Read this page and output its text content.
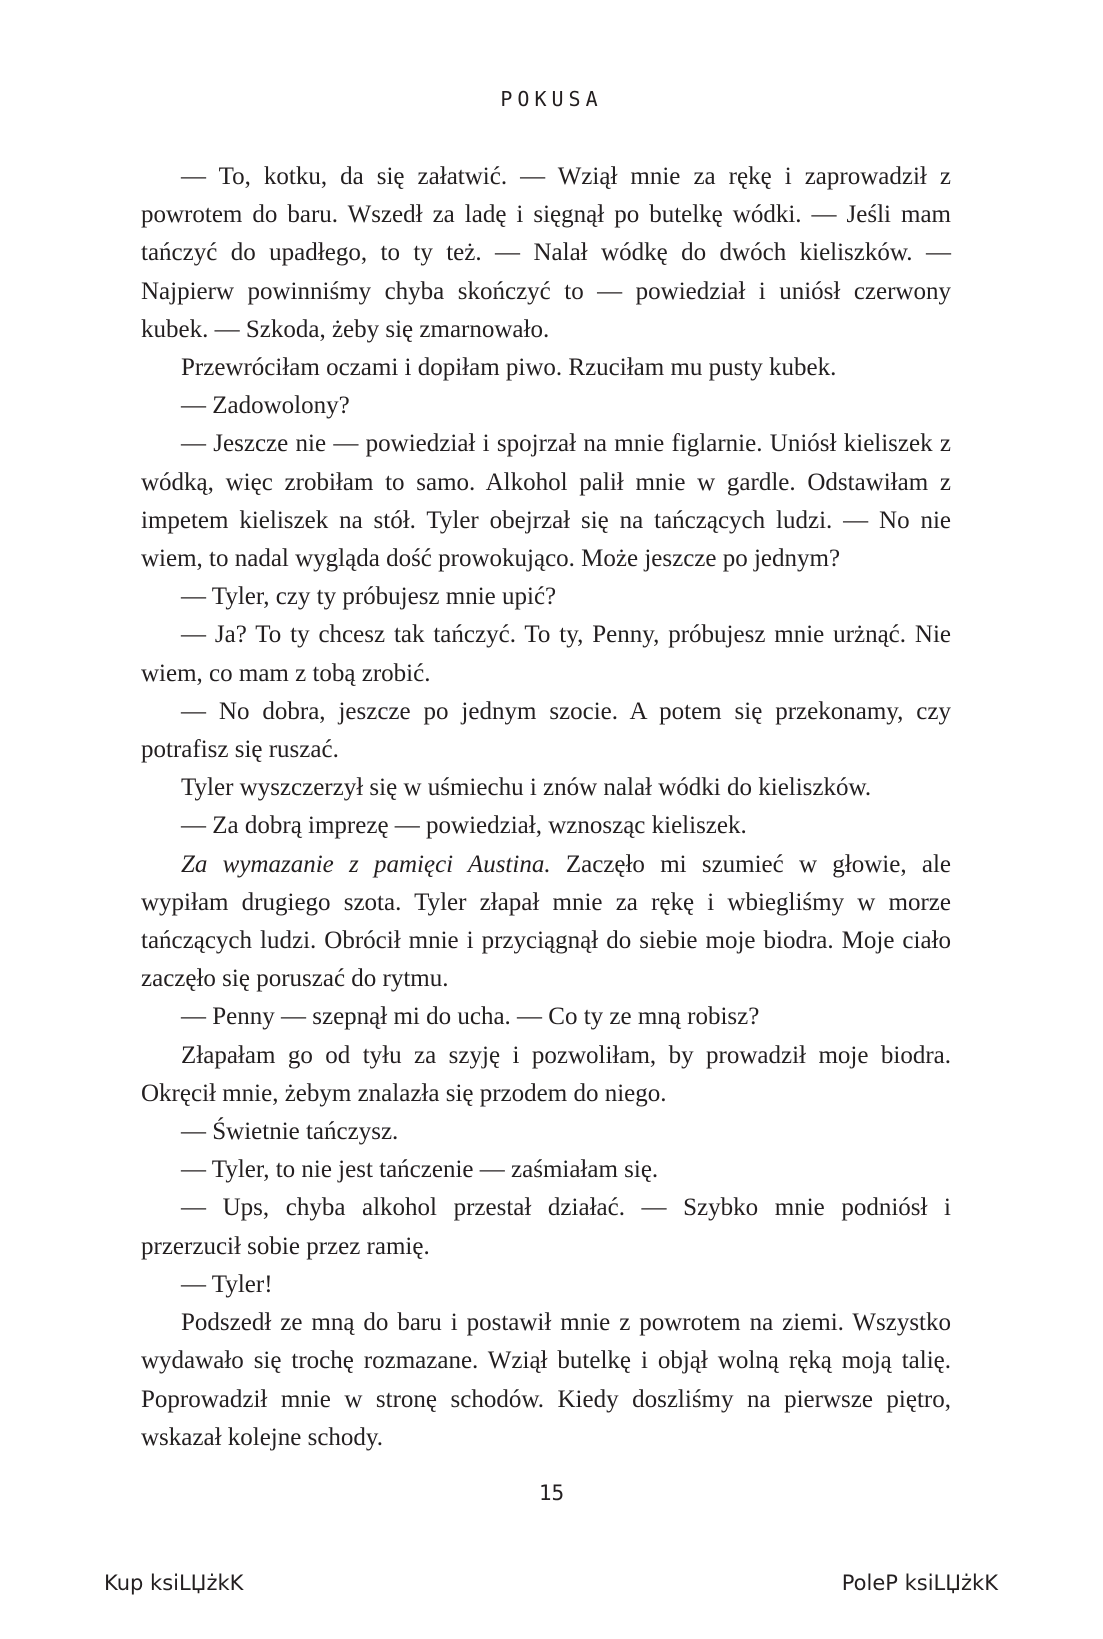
POKUSA

— To, kotku, da się załatwić. — Wziął mnie za rękę i zaprowadził z powrotem do baru. Wszedł za ladę i sięgnął po butelkę wódki. — Jeśli mam tańczyć do upadłego, to ty też. — Nalał wódkę do dwóch kieliszków. — Najpierw powinniśmy chyba skończyć to — powiedział i uniósł czerwony kubek. — Szkoda, żeby się zmarnowało.

Przewróciłam oczami i dopiłam piwo. Rzuciłam mu pusty kubek.

— Zadowolony?

— Jeszcze nie — powiedział i spojrzał na mnie figlarnie. Uniósł kieliszek z wódką, więc zrobiłam to samo. Alkohol palił mnie w gardle. Odstawiłam z impetem kieliszek na stół. Tyler obejrzał się na tańczących ludzi. — No nie wiem, to nadal wygląda dość prowokująco. Może jeszcze po jednym?

— Tyler, czy ty próbujesz mnie upić?

— Ja? To ty chcesz tak tańczyć. To ty, Penny, próbujesz mnie urżnąć. Nie wiem, co mam z tobą zrobić.

— No dobra, jeszcze po jednym szocie. A potem się przekonamy, czy potrafisz się ruszać.

Tyler wyszczerzył się w uśmiechu i znów nalał wódki do kieliszków.

— Za dobrą imprezę — powiedział, wznosząc kieliszek.

Za wymazanie z pamięci Austina. Zaczęło mi szumieć w głowie, ale wypiłam drugiego szota. Tyler złapał mnie za rękę i wbiegliśmy w morze tańczących ludzi. Obrócił mnie i przyciągnął do siebie moje biodra. Moje ciało zaczęło się poruszać do rytmu.

— Penny — szepnął mi do ucha. — Co ty ze mną robisz?

Złapałam go od tyłu za szyję i pozwoliłam, by prowadził moje biodra. Okręcił mnie, żebym znalazła się przodem do niego.

— Świetnie tańczysz.

— Tyler, to nie jest tańczenie — zaśmiałam się.

— Ups, chyba alkohol przestał działać. — Szybko mnie podniósł i przerzucił sobie przez ramię.

— Tyler!

Podszedł ze mną do baru i postawił mnie z powrotem na ziemi. Wszystko wydawało się trochę rozmazane. Wziął butelkę i objął wolną ręką moją talię. Poprowadził mnie w stronę schodów. Kiedy doszliśmy na pierwsze piętro, wskazał kolejne schody.

15
Kup ksiLЏżkK	PoleP ksiLЏżkK
